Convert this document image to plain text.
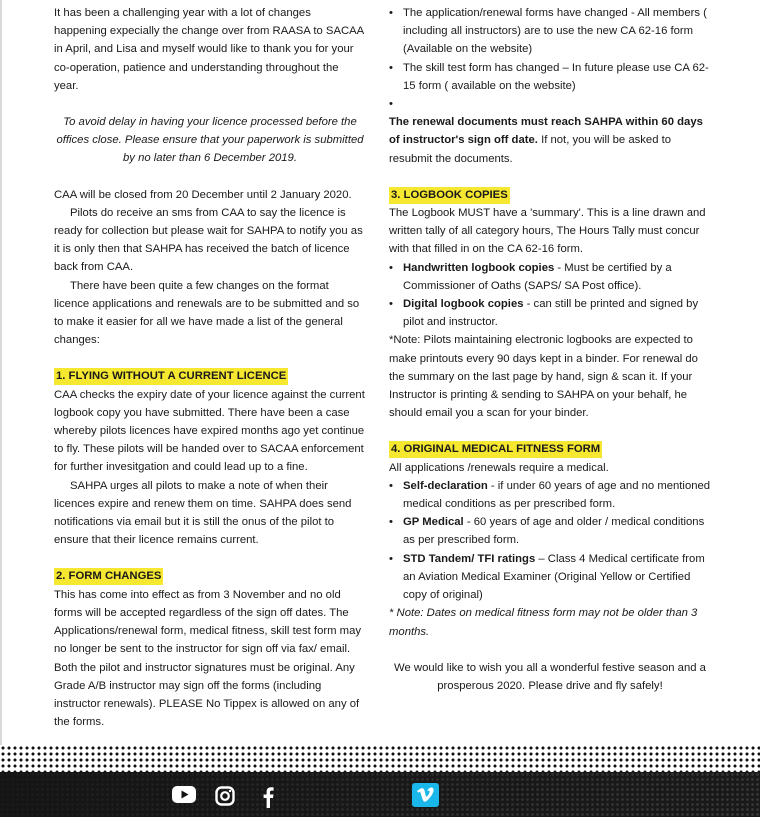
It has been a challenging year with a lot of changes happening expecially the change over from RAASA to SACAA in April, and Lisa and myself would like to thank you for your co-operation, patience and understanding throughout the year.

To avoid delay in having your licence processed before the offices close. Please ensure that your paperwork is submitted by no later than 6 December 2019.

CAA will be closed from 20 December until 2 January 2020.

Pilots do receive an sms from CAA to say the licence is ready for collection but please wait for SAHPA to notify you as it is only then that SAHPA has received the batch of licence back from CAA.

There have been quite a few changes on the format licence applications and renewals are to be submitted and so to make it easier for all we have made a list of the general changes:

1. FLYING WITHOUT A CURRENT LICENCE

CAA checks the expiry date of your licence against the current logbook copy you have submitted. There have been a case whereby pilots licences have expired months ago yet continue to fly. These pilots will be handed over to SACAA enforcement for further invesitgation and could lead up to a fine.

SAHPA urges all pilots to make a note of when their licences expire and renew them on time. SAHPA does send notifications via email but it is still the onus of the pilot to ensure that their licence remains current.

2. FORM CHANGES

This has come into effect as from 3 November and no old forms will be accepted regardless of the sign off dates. The Applications/renewal form, medical fitness, skill test form may no longer be sent to the instructor for sign off via fax/ email. Both the pilot and instructor signatures must be original. Any Grade A/B instructor may sign off the forms (including instructor renewals). PLEASE No Tippex is allowed on any of the forms.

• The application/renewal forms have changed - All members ( including all instructors) are to use the new CA 62-16 form (Available on the website)
• The skill test form has changed – In future please use CA 62-15 form ( available on the website)
•

The renewal documents must reach SAHPA within 60 days of instructor's sign off date. If not, you will be asked to resubmit the documents.

3. LOGBOOK COPIES

The Logbook MUST have a 'summary'. This is a line drawn and written tally of all category hours, The Hours Tally must concur with that filled in on the CA 62-16 form.

• Handwritten logbook copies - Must be certified by a Commissioner of Oaths (SAPS/ SA Post office).
• Digital logbook copies - can still be printed and signed by pilot and instructor.

*Note: Pilots maintaining electronic logbooks are expected to make printouts every 90 days kept in a binder. For renewal do the summary on the last page by hand, sign & scan it. If your Instructor is printing & sending to SAHPA on your behalf, he should email you a scan for your binder.

4. ORIGINAL MEDICAL FITNESS FORM

All applications /renewals require a medical.

• Self-declaration - if under 60 years of age and no mentioned medical conditions as per prescribed form.
• GP Medical - 60 years of age and older / medical conditions as per prescribed form.
• STD Tandem/ TFI ratings – Class 4 Medical certificate from an Aviation Medical Examiner (Original Yellow or Certified copy of original)

* Note: Dates on medical fitness form may not be older than 3 months.

We would like to wish you all a wonderful festive season and a prosperous 2020. Please drive and fly safely!
